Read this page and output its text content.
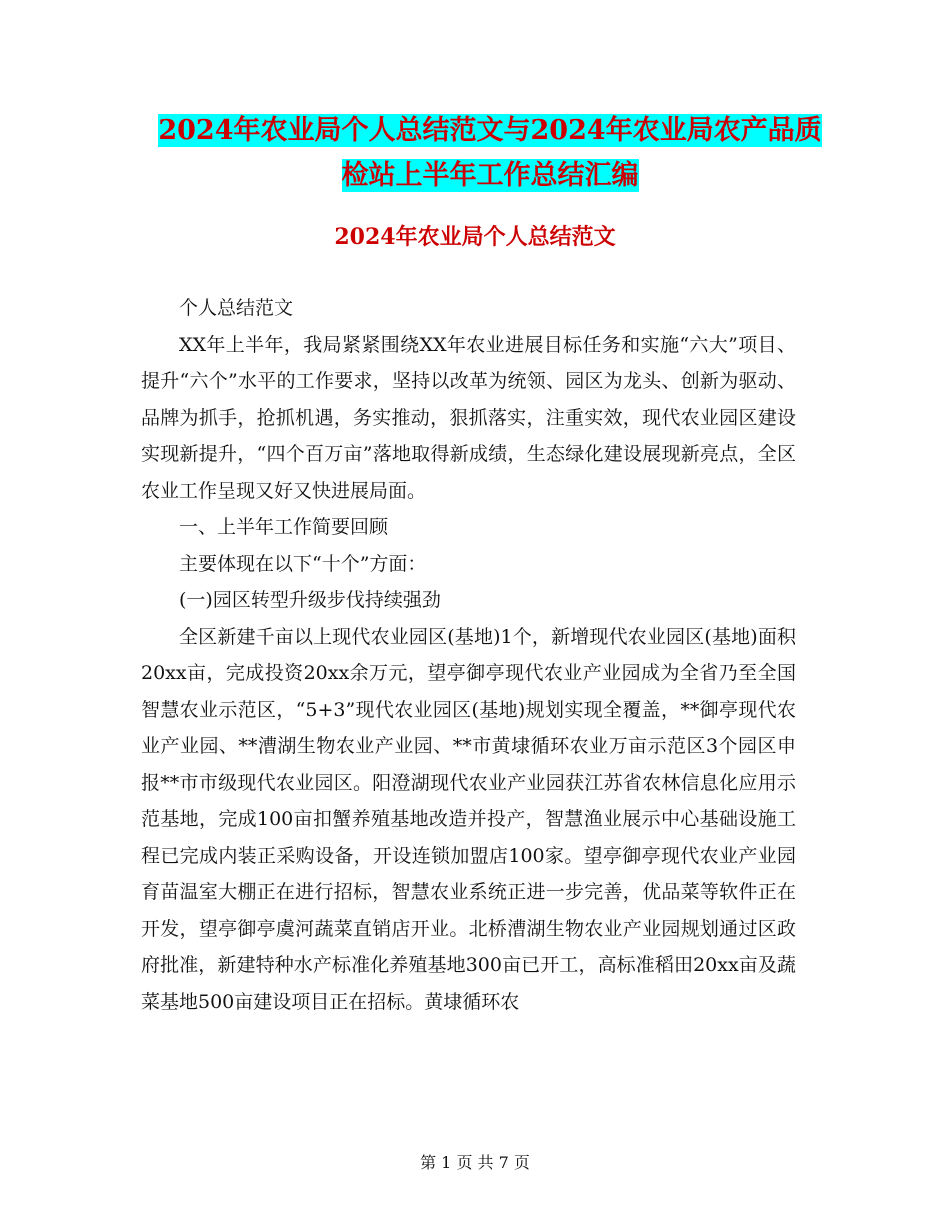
2024年农业局个人总结范文与2024年农业局农产品质
检站上半年工作总结汇编
2024年农业局个人总结范文

个人总结范文

XX年上半年，我局紧紧围绕XX年农业进展目标任务和实施“六大”项目、提升“六个”水平的工作要求，坚持以改革为统领、园区为龙头、创新为驱动、品牌为抓手，抢抓机遇，务实推动，狠抓落实，注重实效，现代农业园区建设实现新提升，“四个百万亩”落地取得新成绩，生态绿化建设展现新亮点，全区农业工作呈现又好又快进展局面。

一、上半年工作简要回顾

主要体现在以下“十个”方面：

(一)园区转型升级步伐持续强劲

全区新建千亩以上现代农业园区(基地)1个，新增现代农业园区(基地)面积20xx亩，完成投资20xx余万元，望亭御亭现代农业产业园成为全省乃至全国智慧农业示范区，“5+3”现代农业园区(基地)规划实现全覆盖，**御亭现代农业产业园、**漕湖生物农业产业园、**市黄埭循环农业万亩示范区3个园区申报**市市级现代农业园区。阳澄湖现代农业产业园获江苏省农林信息化应用示范基地，完成100亩扣蟹养殖基地改造并投产，智慧渔业展示中心基础设施工程已完成内装正采购设备，开设连锁加盟店100家。望亭御亭现代农业产业园育苗温室大棚正在进行招标，智慧农业系统正进一步完善，优品菜等软件正在开发，望亭御亭虞河蔬菜直销店开业。北桥漕湖生物农业产业园规划通过区政府批准，新建特种水产标准化养殖基地300亩已开工，高标准稻田20xx亩及蔬菜基地500亩建设项目正在招标。黄埭循环农

第 1 页 共 7 页
